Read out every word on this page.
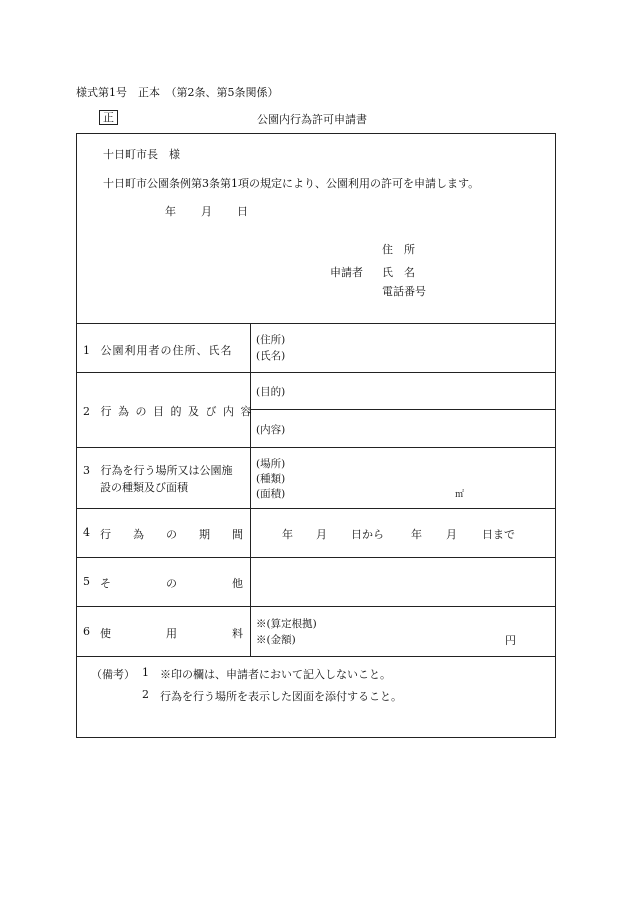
様式第1号　正本　（第2条、第5条関係）
正	公園内行為許可申請書
十日町市長　様
十日町市公園条例第3条第1項の規定により、公園利用の許可を申請します。
年 月 日
住　所
申請者 氏　名
電話番号
1 公園利用者の住所、氏名
(住所)
(氏名)
2 行為の目的及び内容
(目的)
(内容)
3 行為を行う場所又は公園施
設の種類及び面積
(場所)
(種類)
(面積)	㎡
4 行 為 の 期 間	年 月 日から 年 月 日まで
5 そ	の	他
6 使	用	料
※(算定根拠)
※(金額)	円
（備考） 1 ※印の欄は、申請者において記入しないこと。
2 行為を行う場所を表示した図面を添付すること。
